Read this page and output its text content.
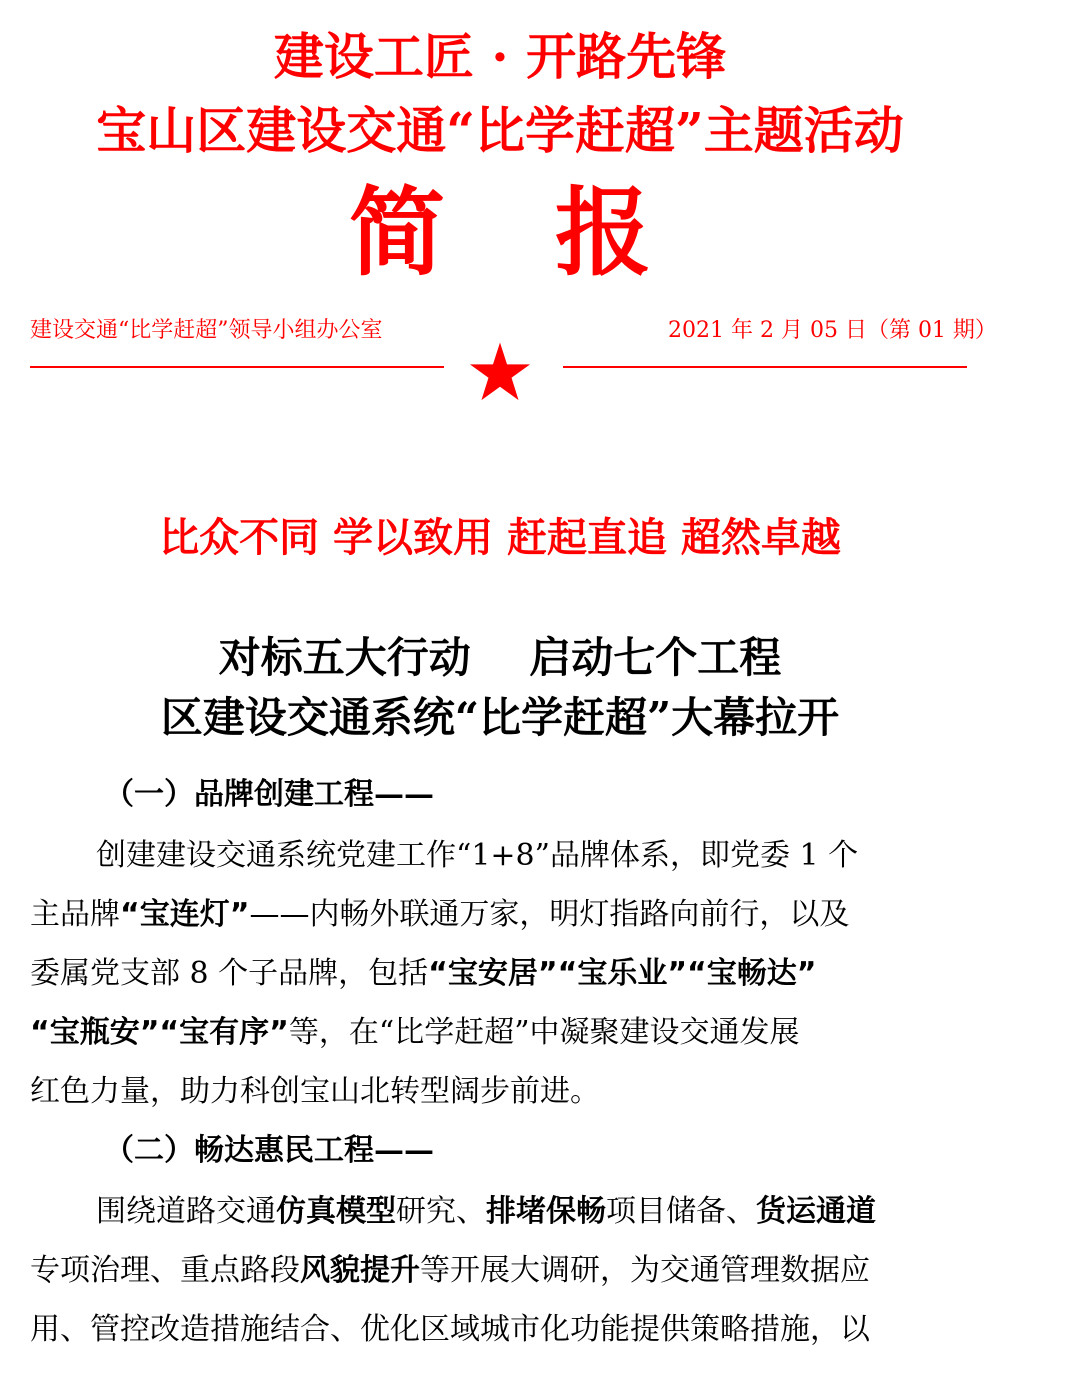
建设工匠 · 开路先锋
宝山区建设交通“比学赶超”主题活动
简 报
建设交通“比学赶超”领导小组办公室	2021 年 2 月 05 日（第 01 期）
比众不同 学以致用 赶起直追 超然卓越
对标五大行动    启动七个工程
区建设交通系统“比学赶超”大幕拉开
（一）品牌创建工程——
创建建设交通系统党建工作“1+8”品牌体系，即党委 1 个
主品牌“宝连灯”——内畅外联通万家，明灯指路向前行，以及
委属党支部 8 个子品牌，包括“宝安居”“宝乐业”“宝畅达”
“宝瓶安”“宝有序”等，在“比学赶超”中凝聚建设交通发展
红色力量，助力科创宝山北转型阔步前进。
（二）畅达惠民工程——
围绕道路交通仿真模型研究、排堵保畅项目储备、货运通道
专项治理、重点路段风貌提升等开展大调研，为交通管理数据应
用、管控改造措施结合、优化区域城市化功能提供策略措施，以
